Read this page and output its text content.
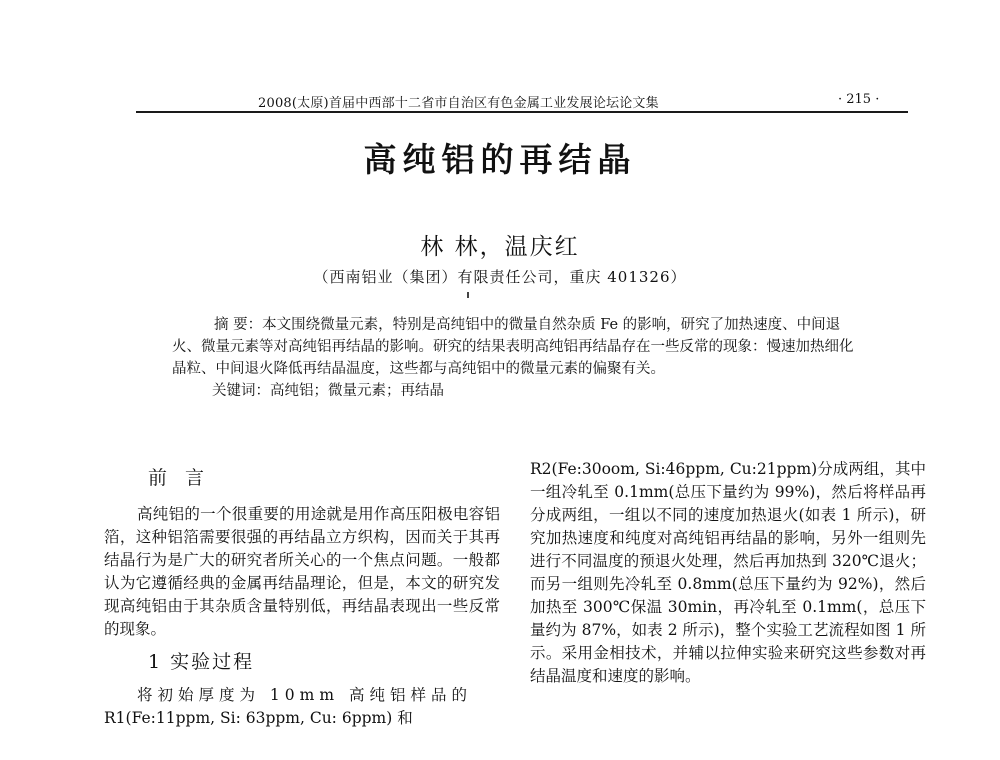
2008(太原)首届中西部十二省市自治区有色金属工业发展论坛论文集	· 215 ·
高纯铝的再结晶
林 林，温庆红
（西南铝业（集团）有限责任公司，重庆 401326）

摘 要：本文围绕微量元素，特别是高纯铝中的微量自然杂质 Fe 的影响，研究了加热速度、中间退火、微量元素等对高纯铝再结晶的影响。研究的结果表明高纯铝再结晶存在一些反常的现象：慢速加热细化晶粒、中间退火降低再结晶温度，这些都与高纯铝中的微量元素的偏聚有关。

关键词：高纯铝；微量元素；再结晶

前 言

高纯铝的一个很重要的用途就是用作高压阳极电容铝箔，这种铝箔需要很强的再结晶立方织构，因而关于其再结晶行为是广大的研究者所关心的一个焦点问题。一般都认为它遵循经典的金属再结晶理论，但是，本文的研究发现高纯铝由于其杂质含量特别低，再结晶表现出一些反常的现象。

1 实验过程

将初始厚度为 10mm 高纯铝样品的

R1(Fe:11ppm, Si: 63ppm, Cu: 6ppm) 和

R2(Fe:30oom, Si:46ppm, Cu:21ppm)分成两组，其中一组冷轧至 0.1mm(总压下量约为 99%)，然后将样品再分成两组，一组以不同的速度加热退火(如表 1 所示)，研究加热速度和纯度对高纯铝再结晶的影响，另外一组则先进行不同温度的预退火处理，然后再加热到 320℃退火；而另一组则先冷轧至 0.8mm(总压下量约为 92%)，然后加热至 300℃保温 30min，再冷轧至 0.1mm(，总压下量约为 87%，如表 2 所示)，整个实验工艺流程如图 1 所示。采用金相技术，并辅以拉伸实验来研究这些参数对再结晶温度和速度的影响。
